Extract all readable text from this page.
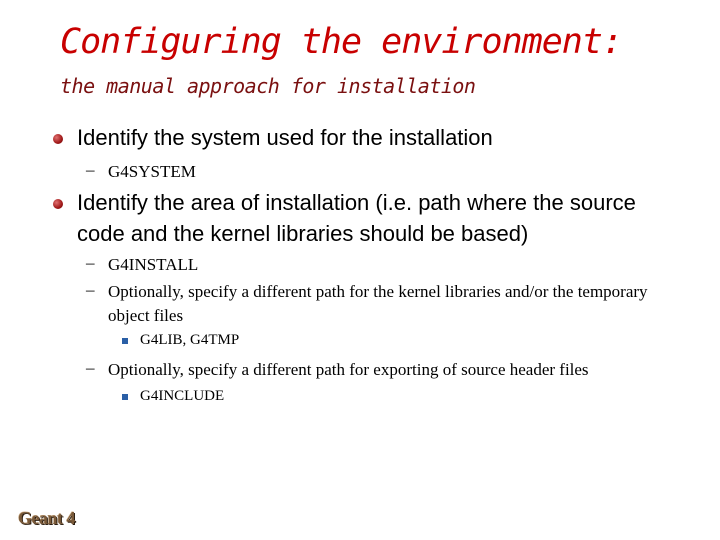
Configuring the environment:
the manual approach for installation
Identify the system used for the installation
– G4SYSTEM
Identify the area of installation (i.e. path where the source code and the kernel libraries should be based)
– G4INSTALL
– Optionally, specify a different path for the kernel libraries and/or the temporary object files
G4LIB, G4TMP
– Optionally, specify a different path for exporting of source header files
G4INCLUDE
Geant 4
